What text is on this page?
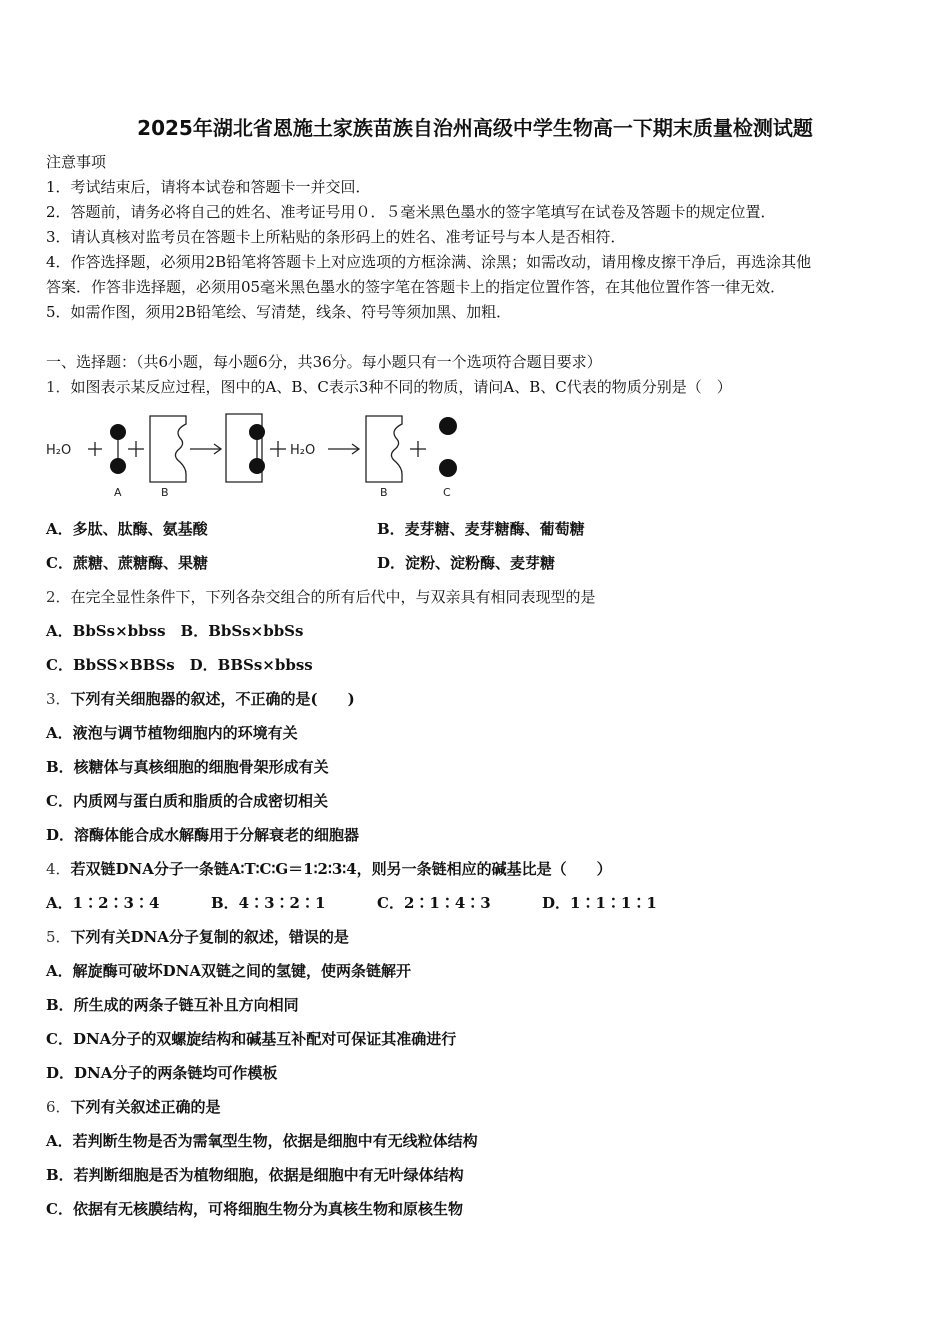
2025年湖北省恩施土家族苗族自治州高级中学生物高一下期末质量检测试题
注意事项
1．考试结束后，请将本试卷和答题卡一并交回．
2．答题前，请务必将自己的姓名、准考证号用０．５毫米黑色墨水的签字笔填写在试卷及答题卡的规定位置．
3．请认真核对监考员在答题卡上所粘贴的条形码上的姓名、准考证号与本人是否相符．
4．作答选择题，必须用2B铅笔将答题卡上对应选项的方框涂满、涂黑；如需改动，请用橡皮擦干净后，再选涂其他
答案．作答非选择题，必须用05毫米黑色墨水的签字笔在答题卡上的指定位置作答，在其他位置作答一律无效．
5．如需作图，须用2B铅笔绘、写清楚，线条、符号等须加黑、加粗．
一、选择题：（共6小题，每小题6分，共36分。每小题只有一个选项符合题目要求）
1．如图表示某反应过程，图中的A、B、C表示3种不同的物质，请问A、B、C代表的物质分别是（　）
H₂O	H₂O
A	B	B	C
A．多肽、肽酶、氨基酸	B．麦芽糖、麦芽糖酶、葡萄糖
C．蔗糖、蔗糖酶、果糖	D．淀粉、淀粉酶、麦芽糖
2．在完全显性条件下，下列各杂交组合的所有后代中，与双亲具有相同表现型的是
A．BbSs×bbss　B．BbSs×bbSs
C．BbSS×BBSs　D．BBSs×bbss
3．下列有关细胞器的叙述，不正确的是(　　)
A．液泡与调节植物细胞内的环境有关
B．核糖体与真核细胞的细胞骨架形成有关
C．内质网与蛋白质和脂质的合成密切相关
D．溶酶体能合成水解酶用于分解衰老的细胞器
4．若双链DNA分子一条链A∶T∶C∶G＝1∶2∶3∶4，则另一条链相应的碱基比是（　　）
A．1∶2∶3∶4	B．4∶3∶2∶1	C．2∶1∶4∶3	D．1∶1∶1∶1
5．下列有关DNA分子复制的叙述，错误的是
A．解旋酶可破坏DNA双链之间的氢键，使两条链解开
B．所生成的两条子链互补且方向相同
C．DNA分子的双螺旋结构和碱基互补配对可保证其准确进行
D．DNA分子的两条链均可作模板
6．下列有关叙述正确的是
A．若判断生物是否为需氧型生物，依据是细胞中有无线粒体结构
B．若判断细胞是否为植物细胞，依据是细胞中有无叶绿体结构
C．依据有无核膜结构，可将细胞生物分为真核生物和原核生物
